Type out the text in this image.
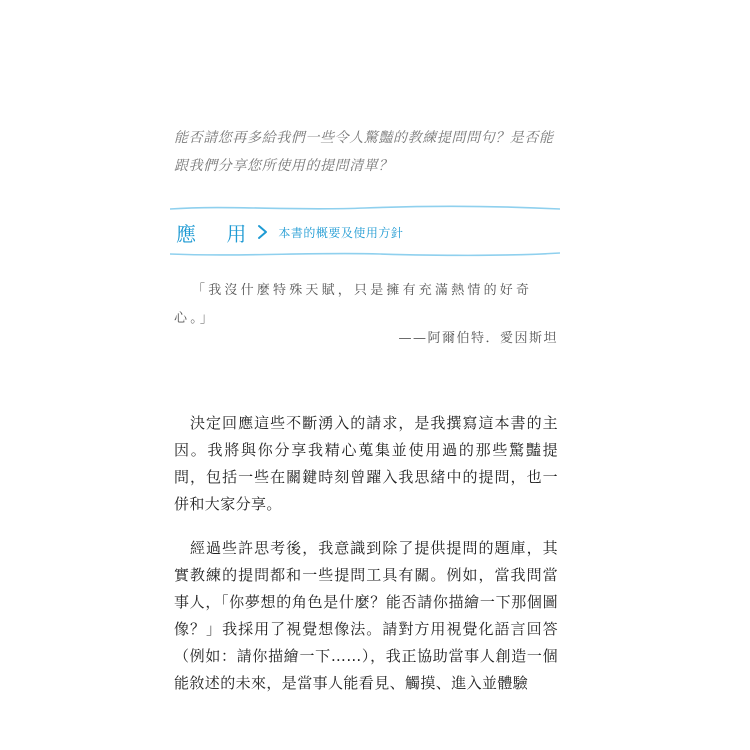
能否請您再多給我們一些令人驚豔的教練提問問句？是否能跟我們分享您所使用的提問清單？

應 用 本書的概要及使用方針

「我沒什麼特殊天賦，只是擁有充滿熱情的好奇心。」

——阿爾伯特．愛因斯坦

決定回應這些不斷湧入的請求，是我撰寫這本書的主因。我將與你分享我精心蒐集並使用過的那些驚豔提問，包括一些在關鍵時刻曾躍入我思緒中的提問，也一併和大家分享。

經過些許思考後，我意識到除了提供提問的題庫，其實教練的提問都和一些提問工具有關。例如，當我問當事人，「你夢想的角色是什麼？能否請你描繪一下那個圖像？」我採用了視覺想像法。請對方用視覺化語言回答（例如：請你描繪一下……），我正協助當事人創造一個能敘述的未來，是當事人能看見、觸摸、進入並體驗
